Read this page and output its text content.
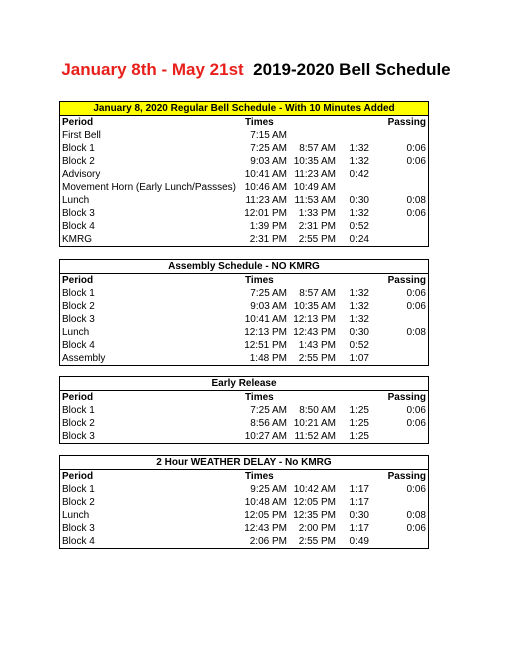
January 8th - May 21st 2019-2020 Bell Schedule
January 8, 2020 Regular Bell Schedule - With 10 Minutes Added
Period	Times	Passing
First Bell	7:15 AM
Block 1	7:25 AM 8:57 AM 1:32	0:06
Block 2	9:03 AM 10:35 AM 1:32	0:06
Advisory	10:41 AM 11:23 AM 0:42
Movement Horn (Early Lunch/Passses) 10:46 AM 10:49 AM
Lunch	11:23 AM 11:53 AM 0:30	0:08
Block 3	12:01 PM 1:33 PM 1:32	0:06
Block 4	1:39 PM 2:31 PM 0:52
KMRG	2:31 PM 2:55 PM 0:24
Assembly Schedule - NO KMRG
Period	Times	Passing
Block 1	7:25 AM 8:57 AM 1:32	0:06
Block 2	9:03 AM 10:35 AM 1:32	0:06
Block 3	10:41 AM 12:13 PM 1:32
Lunch	12:13 PM 12:43 PM 0:30	0:08
Block 4	12:51 PM 1:43 PM 0:52
Assembly	1:48 PM 2:55 PM 1:07
Early Release
Period	Times	Passing
Block 1	7:25 AM 8:50 AM 1:25	0:06
Block 2	8:56 AM 10:21 AM 1:25	0:06
Block 3	10:27 AM 11:52 AM 1:25
2 Hour WEATHER DELAY - No KMRG
Period	Times	Passing
Block 1	9:25 AM 10:42 AM 1:17	0:06
Block 2	10:48 AM 12:05 PM 1:17
Lunch	12:05 PM 12:35 PM 0:30	0:08
Block 3	12:43 PM 2:00 PM 1:17	0:06
Block 4	2:06 PM 2:55 PM 0:49
